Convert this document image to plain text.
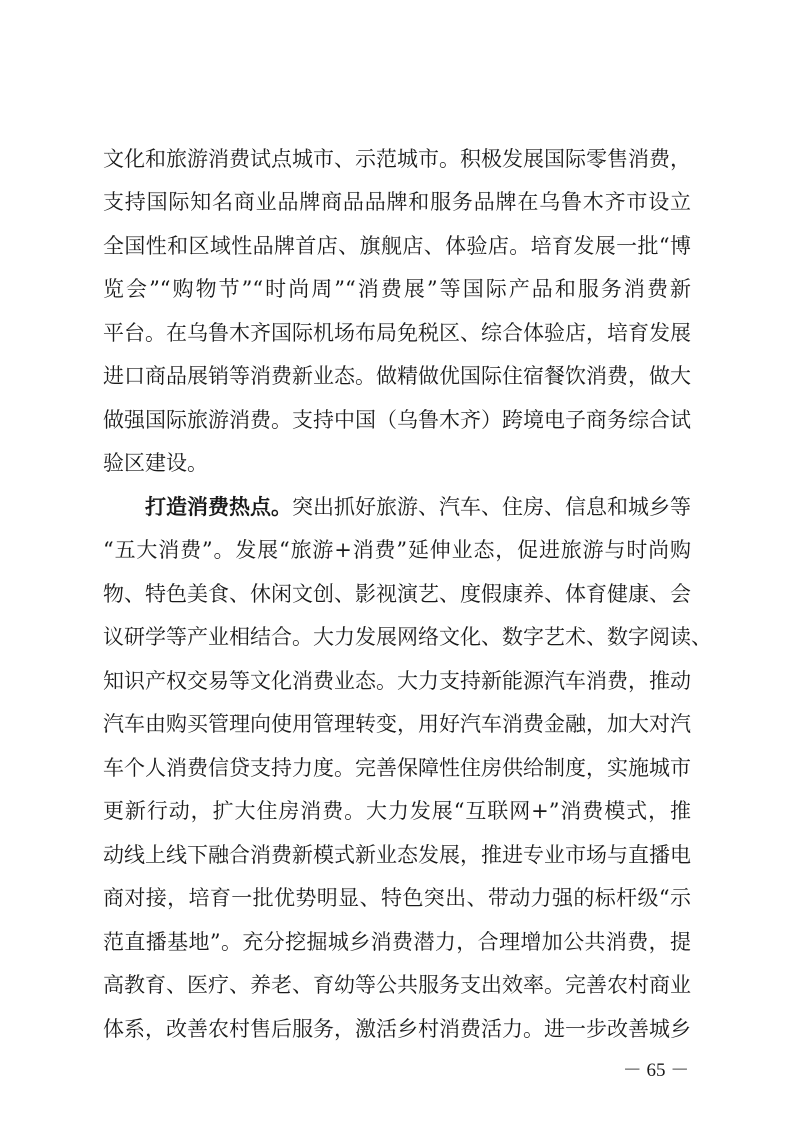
文化和旅游消费试点城市、示范城市。积极发展国际零售消费，
支持国际知名商业品牌商品品牌和服务品牌在乌鲁木齐市设立
全国性和区域性品牌首店、旗舰店、体验店。培育发展一批“博
览会”“购物节”“时尚周”“消费展”等国际产品和服务消费新
平台。在乌鲁木齐国际机场布局免税区、综合体验店，培育发展
进口商品展销等消费新业态。做精做优国际住宿餐饮消费，做大
做强国际旅游消费。支持中国（乌鲁木齐）跨境电子商务综合试
验区建设。
打造消费热点。突出抓好旅游、汽车、住房、信息和城乡等
“五大消费”。发展“旅游+消费”延伸业态，促进旅游与时尚购
物、特色美食、休闲文创、影视演艺、度假康养、体育健康、会
议研学等产业相结合。大力发展网络文化、数字艺术、数字阅读、
知识产权交易等文化消费业态。大力支持新能源汽车消费，推动
汽车由购买管理向使用管理转变，用好汽车消费金融，加大对汽
车个人消费信贷支持力度。完善保障性住房供给制度，实施城市
更新行动，扩大住房消费。大力发展“互联网+”消费模式，推
动线上线下融合消费新模式新业态发展，推进专业市场与直播电
商对接，培育一批优势明显、特色突出、带动力强的标杆级“示
范直播基地”。充分挖掘城乡消费潜力，合理增加公共消费，提
高教育、医疗、养老、育幼等公共服务支出效率。完善农村商业
体系，改善农村售后服务，激活乡村消费活力。进一步改善城乡
－ 65 －
